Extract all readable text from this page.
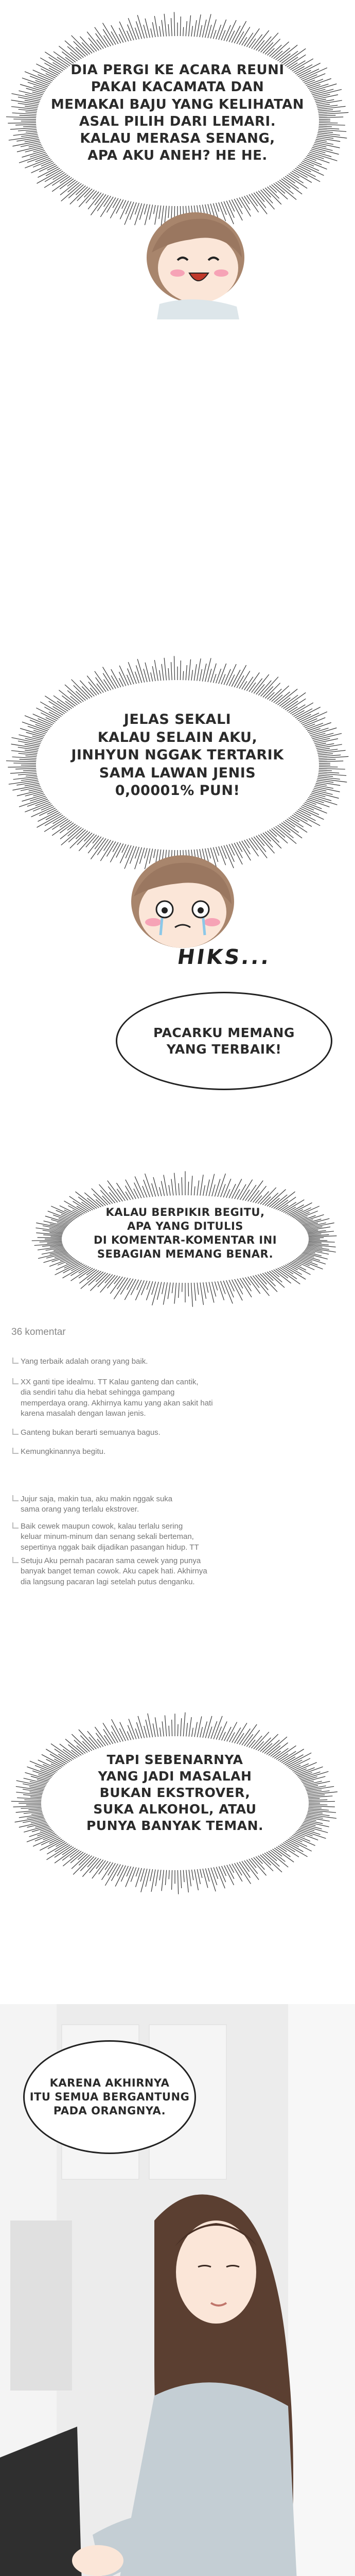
DIA PERGI KE ACARA REUNI
PAKAI KACAMATA DAN
MEMAKAI BAJU YANG KELIHATAN
ASAL PILIH DARI LEMARI.
KALAU MERASA SENANG,
APA AKU ANEH? HE HE.
JELAS SEKALI
KALAU SELAIN AKU,
JINHYUN NGGAK TERTARIK
SAMA LAWAN JENIS
0,00001% PUN!
HIKS...
PACARKU MEMANG
YANG TERBAIK!
KALAU BERPIKIR BEGITU,
APA YANG DITULIS
DI KOMENTAR-KOMENTAR INI
SEBAGIAN MEMANG BENAR.
36 komentar
Yang terbaik adalah orang yang baik.
XX ganti tipe idealmu. TT Kalau ganteng dan cantik,
dia sendiri tahu dia hebat sehingga gampang
memperdaya orang. Akhirnya kamu yang akan sakit hati
karena masalah dengan lawan jenis.
Ganteng bukan berarti semuanya bagus.
Kemungkinannya begitu.
Jujur saja, makin tua, aku makin nggak suka
sama orang yang terlalu ekstrover.
Baik cewek maupun cowok, kalau terlalu sering
keluar minum-minum dan senang sekali berteman,
sepertinya nggak baik dijadikan pasangan hidup. TT
Setuju Aku pernah pacaran sama cewek yang punya
banyak banget teman cowok. Aku capek hati. Akhirnya
dia langsung pacaran lagi setelah putus denganku.
TAPI SEBENARNYA
YANG JADI MASALAH
BUKAN EKSTROVER,
SUKA ALKOHOL, ATAU
PUNYA BANYAK TEMAN.
KARENA AKHIRNYA
ITU SEMUA BERGANTUNG
PADA ORANGNYA.
